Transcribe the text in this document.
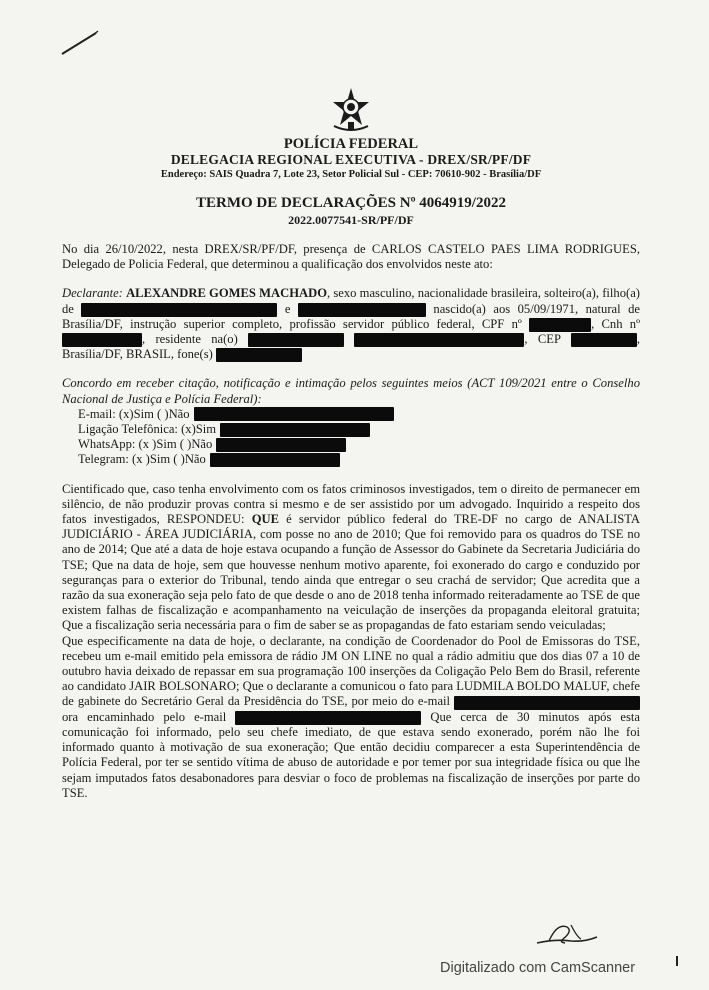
POLÍCIA FEDERAL
DELEGACIA REGIONAL EXECUTIVA - DREX/SR/PF/DF
Endereço: SAIS Quadra 7, Lote 23, Setor Policial Sul - CEP: 70610-902 - Brasília/DF
TERMO DE DECLARAÇÕES Nº 4064919/2022
2022.0077541-SR/PF/DF

No dia 26/10/2022, nesta DREX/SR/PF/DF, presença de CARLOS CASTELO PAES LIMA RODRIGUES, Delegado de Policia Federal, que determinou a qualificação dos envolvidos neste ato:

Declarante: ALEXANDRE GOMES MACHADO, sexo masculino, nacionalidade brasileira, solteiro(a), filho(a) de	e	nascido(a) aos 05/09/1971, natural de Brasília/DF, instrução superior completo, profissão servidor público federal, CPF nº	, Cnh nº , residente na(o)	, CEP	, Brasília/DF, BRASIL, fone(s)

Concordo em receber citação, notificação e intimação pelos seguintes meios (ACT 109/2021 entre o Conselho Nacional de Justiça e Polícia Federal):

E-mail: (x)Sim ( )Não
Ligação Telefônica: (x)Sim
WhatsApp: (x )Sim ( )Não
Telegram: (x )Sim ( )Não

Cientificado que, caso tenha envolvimento com os fatos criminosos investigados, tem o direito de permanecer em silêncio, de não produzir provas contra si mesmo e de ser assistido por um advogado. Inquirido a respeito dos fatos investigados, RESPONDEU: QUE é servidor público federal do TRE-DF no cargo de ANALISTA JUDICIÁRIO - ÁREA JUDICIÁRIA, com posse no ano de 2010; Que foi removido para os quadros do TSE no ano de 2014; Que até a data de hoje estava ocupando a função de Assessor do Gabinete da Secretaria Judiciária do TSE; Que na data de hoje, sem que houvesse nenhum motivo aparente, foi exonerado do cargo e conduzido por seguranças para o exterior do Tribunal, tendo ainda que entregar o seu crachá de servidor; Que acredita que a razão da sua exoneração seja pelo fato de que desde o ano de 2018 tenha informado reiteradamente ao TSE de que existem falhas de fiscalização e acompanhamento na veiculação de inserções da propaganda eleitoral gratuita; Que a fiscalização seria necessária para o fim de saber se as propagandas de fato estariam sendo veiculadas;

Que especificamente na data de hoje, o declarante, na condição de Coordenador do Pool de Emissoras do TSE, recebeu um e-mail emitido pela emissora de rádio JM ON LINE no qual a rádio admitiu que dos dias 07 a 10 de outubro havia deixado de repassar em sua programação 100 inserções da Coligação Pelo Bem do Brasil, referente ao candidato JAIR BOLSONARO; Que o declarante a comunicou o fato para LUDMILA BOLDO MALUF, chefe de gabinete do Secretário Geral da Presidência do TSE, por meio do e-mail  ora encaminhado pelo e-mail	Que cerca de 30 minutos após esta comunicação foi informado, pelo seu chefe imediato, de que estava sendo exonerado, porém não lhe foi informado quanto à motivação de sua exoneração; Que então decidiu comparecer a esta Superintendência de Polícia Federal, por ter se sentido vítima de abuso de autoridade e por temer por sua integridade física ou que lhe sejam imputados fatos desabonadores para desviar o foco de problemas na fiscalização de inserções por parte do TSE.

Digitalizado com CamScanner
